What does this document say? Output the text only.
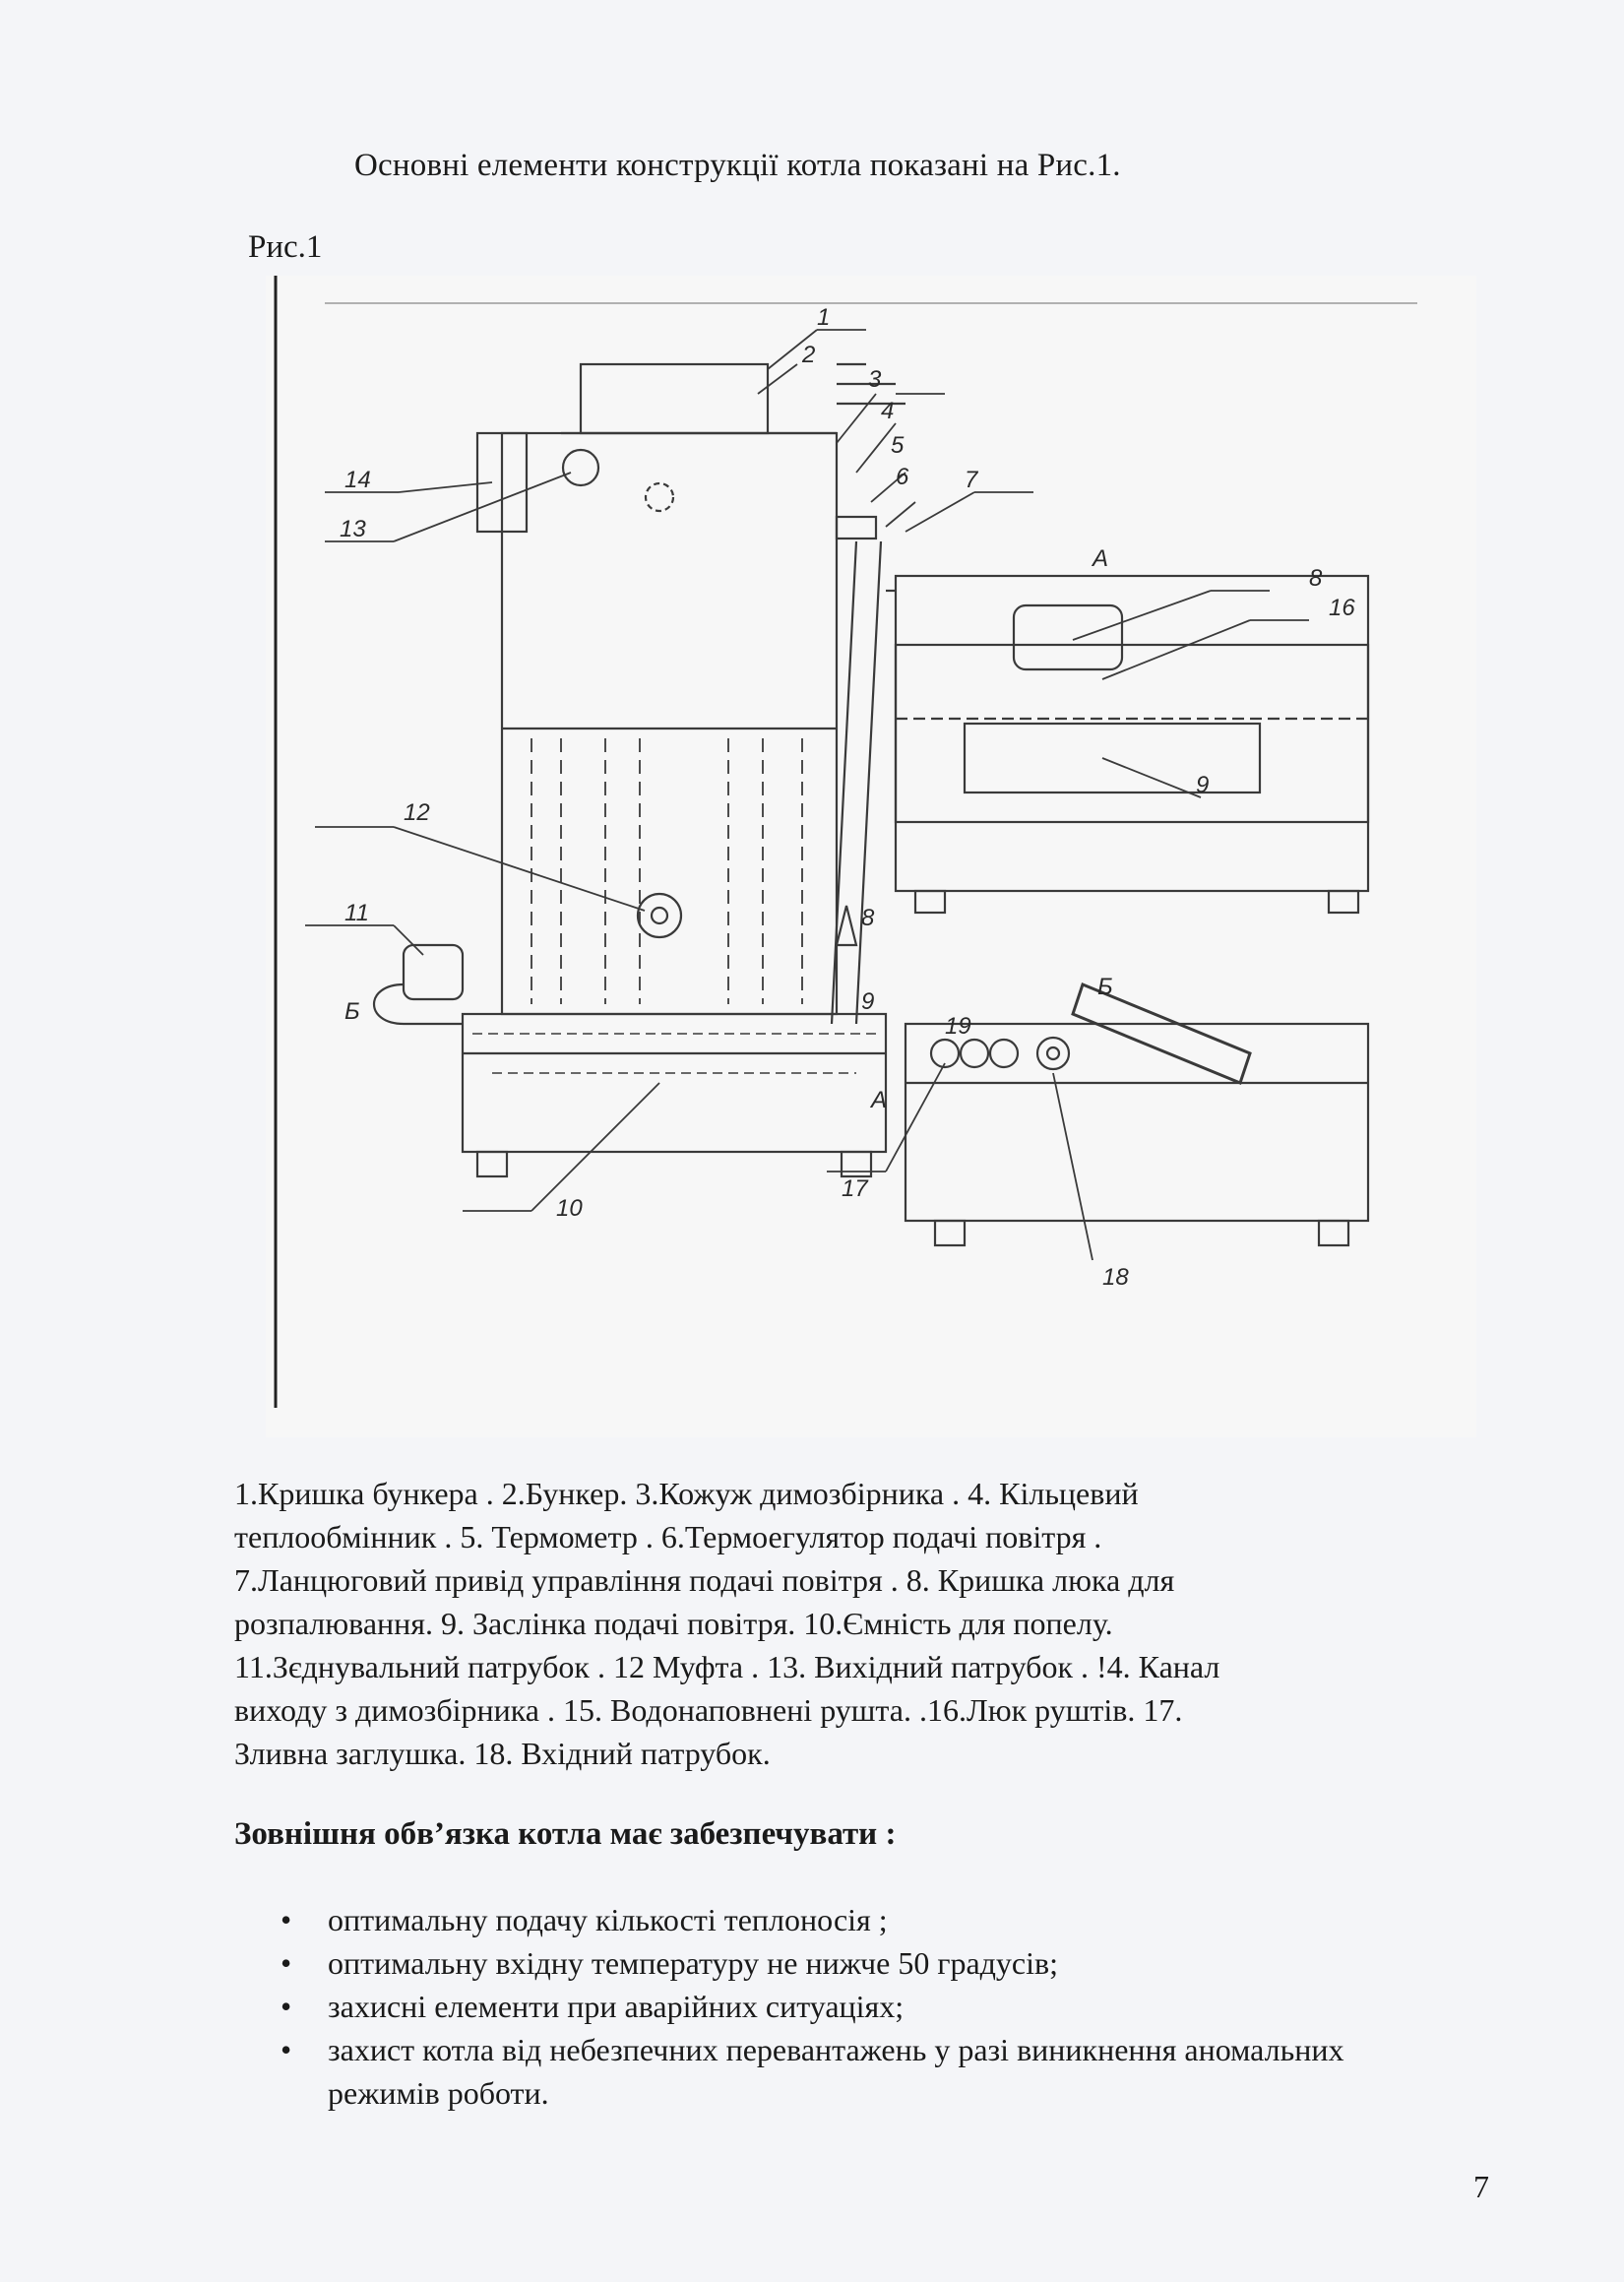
Основні елементи конструкції котла показані на Рис.1.
Рис.1
1
2
3
4
5
6 7
8
16
14
13
12
11
Б
8
9
9
19
А
17
10
18
А
Б
1.Кришка бункера . 2.Бункер. 3.Кожуж димозбірника . 4. Кільцевий
теплообмінник . 5. Термометр . 6.Термоегулятор подачі повітря .
7.Ланцюговий привід управління подачі повітря . 8. Кришка люка для
розпалювання. 9. Заслінка подачі повітря. 10.Ємність для попелу.
11.Зєднувальний патрубок . 12 Муфта . 13. Вихідний патрубок . !4. Канал
виходу з димозбірника . 15. Водонаповнені рушта. .16.Люк руштів. 17.
Зливна заглушка. 18. Вхідний патрубок.
Зовнішня обв’язка котла має забезпечувати :
• оптимальну подачу кількості теплоносія ;
• оптимальну вхідну температуру не нижче 50 градусів;
• захисні елементи при аварійних ситуаціях;
• захист котла від небезпечних перевантажень у разі виникнення аномальних режимів роботи.
7
